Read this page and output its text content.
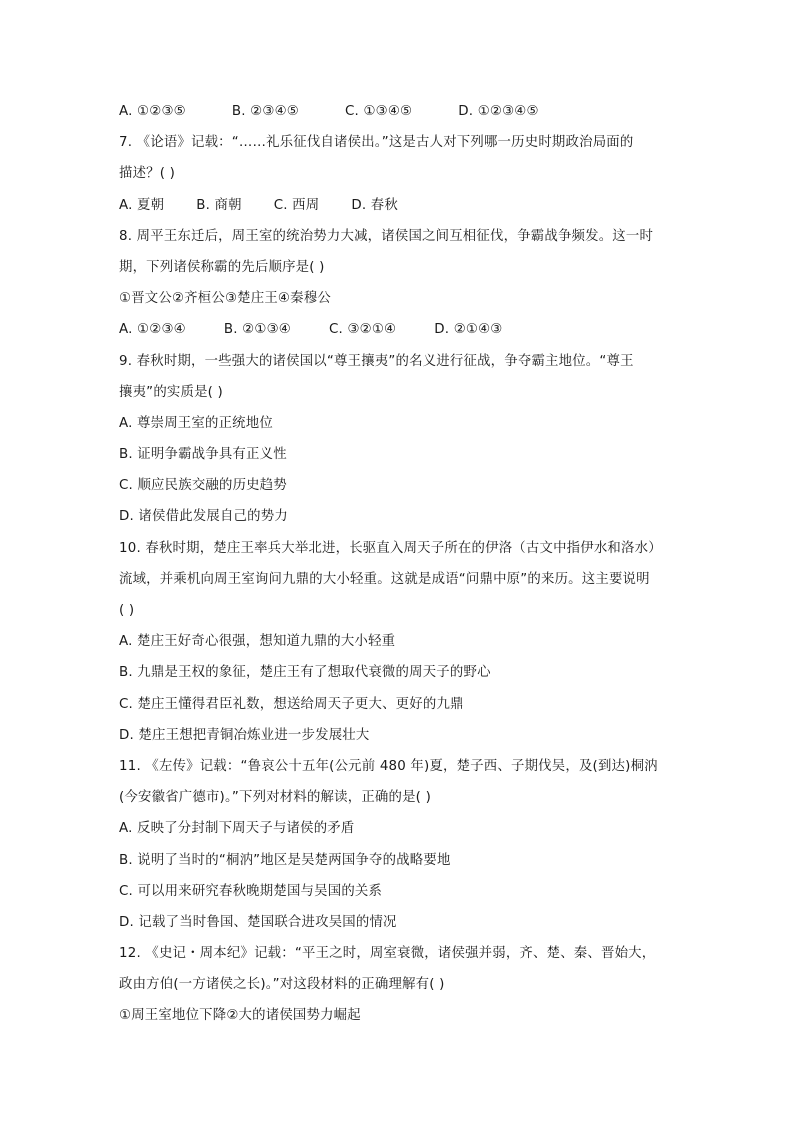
A. ①②③⑤	B. ②③④⑤	C. ①③④⑤	D. ①②③④⑤
7. 《论语》记载：“……礼乐征伐自诸侯出。”这是古人对下列哪一历史时期政治局面的
描述？( )
A. 夏朝 B. 商朝 C. 西周 D. 春秋
8. 周平王东迁后，周王室的统治势力大减，诸侯国之间互相征伐，争霸战争频发。这一时
期，下列诸侯称霸的先后顺序是( )
①晋文公②齐桓公③楚庄王④秦穆公
A. ①②③④	B. ②①③④	C. ③②①④	D. ②①④③
9. 春秋时期，一些强大的诸侯国以“尊王攘夷”的名义进行征战，争夺霸主地位。“尊王
攘夷”的实质是( )
A. 尊崇周王室的正统地位
B. 证明争霸战争具有正义性
C. 顺应民族交融的历史趋势
D. 诸侯借此发展自己的势力
10. 春秋时期，楚庄王率兵大举北进，长驱直入周天子所在的伊洛（古文中指伊水和洛水）
流域，并乘机向周王室询问九鼎的大小轻重。这就是成语“问鼎中原”的来历。这主要说明
( )
A. 楚庄王好奇心很强，想知道九鼎的大小轻重
B. 九鼎是王权的象征，楚庄王有了想取代衰微的周天子的野心
C. 楚庄王懂得君臣礼数，想送给周天子更大、更好的九鼎
D. 楚庄王想把青铜冶炼业进一步发展壮大
11. 《左传》记载：“鲁哀公十五年(公元前 480 年)夏，楚子西、子期伐吴，及(到达)桐汭
(今安徽省广德市)。”下列对材料的解读，正确的是( )
A. 反映了分封制下周天子与诸侯的矛盾
B. 说明了当时的“桐汭”地区是吴楚两国争夺的战略要地
C. 可以用来研究春秋晚期楚国与吴国的关系
D. 记载了当时鲁国、楚国联合进攻吴国的情况
12. 《史记・周本纪》记载：“平王之时，周室衰微，诸侯强并弱，齐、楚、秦、晋始大，
政由方伯(一方诸侯之长)。”对这段材料的正确理解有( )
①周王室地位下降②大的诸侯国势力崛起
